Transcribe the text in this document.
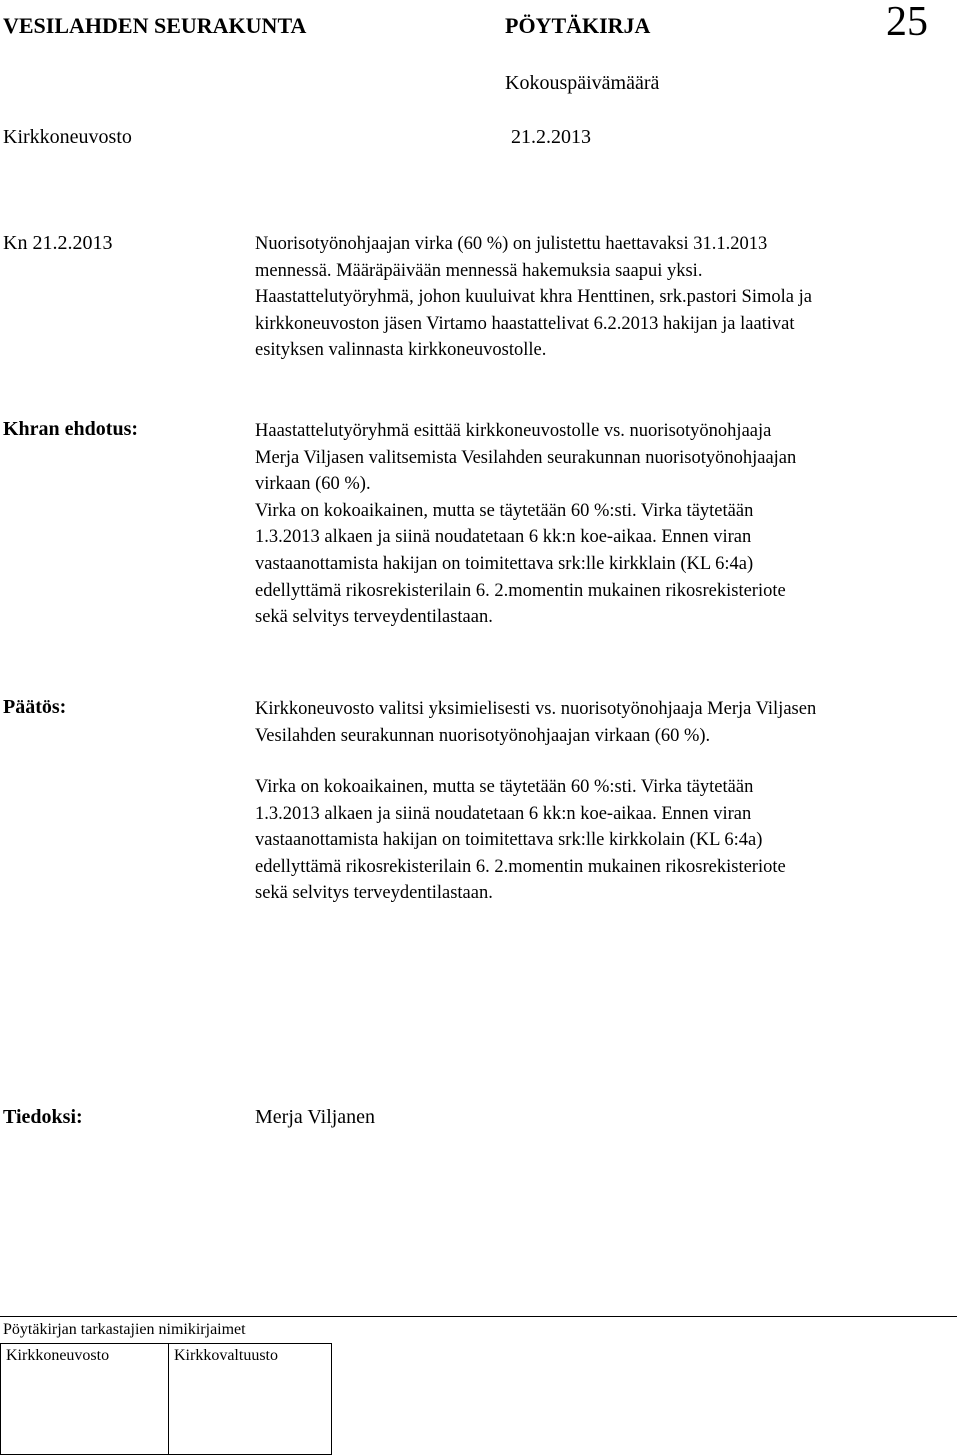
VESILAHDEN SEURAKUNTA	PÖYTÄKIRJA	25
Kokouspäivämäärä
Kirkkoneuvosto	21.2.2013
Kn 21.2.2013	Nuorisotyönohjaajan virka (60 %) on julistettu haettavaksi 31.1.2013
mennessä. Määräpäivään mennessä hakemuksia saapui yksi.
Haastattelutyöryhmä, johon kuuluivat khra Henttinen, srk.pastori Simola ja
kirkkoneuvoston jäsen Virtamo haastattelivat 6.2.2013 hakijan ja laativat
esityksen valinnasta kirkkoneuvostolle.
Khran ehdotus:	Haastattelutyöryhmä esittää kirkkoneuvostolle vs. nuorisotyönohjaaja
Merja Viljasen valitsemista Vesilahden seurakunnan nuorisotyönohjaajan
virkaan (60 %).
Virka on kokoaikainen, mutta se täytetään 60 %:sti. Virka täytetään
1.3.2013 alkaen ja siinä noudatetaan 6 kk:n koe-aikaa. Ennen viran
vastaanottamista hakijan on toimitettava srk:lle kirkklain (KL 6:4a)
edellyttämä rikosrekisterilain 6. 2.momentin mukainen rikosrekisteriote
sekä selvitys terveydentilastaan.
Päätös:	Kirkkoneuvosto valitsi yksimielisesti vs. nuorisotyönohjaaja Merja Viljasen
Vesilahden seurakunnan nuorisotyönohjaajan virkaan (60 %).
Virka on kokoaikainen, mutta se täytetään 60 %:sti. Virka täytetään
1.3.2013 alkaen ja siinä noudatetaan 6 kk:n koe-aikaa. Ennen viran
vastaanottamista hakijan on toimitettava srk:lle kirkkolain (KL 6:4a)
edellyttämä rikosrekisterilain 6. 2.momentin mukainen rikosrekisteriote
sekä selvitys terveydentilastaan.
Tiedoksi:	Merja Viljanen
Pöytäkirjan tarkastajien nimikirjaimet
Kirkkoneuvosto	Kirkkovaltuusto
